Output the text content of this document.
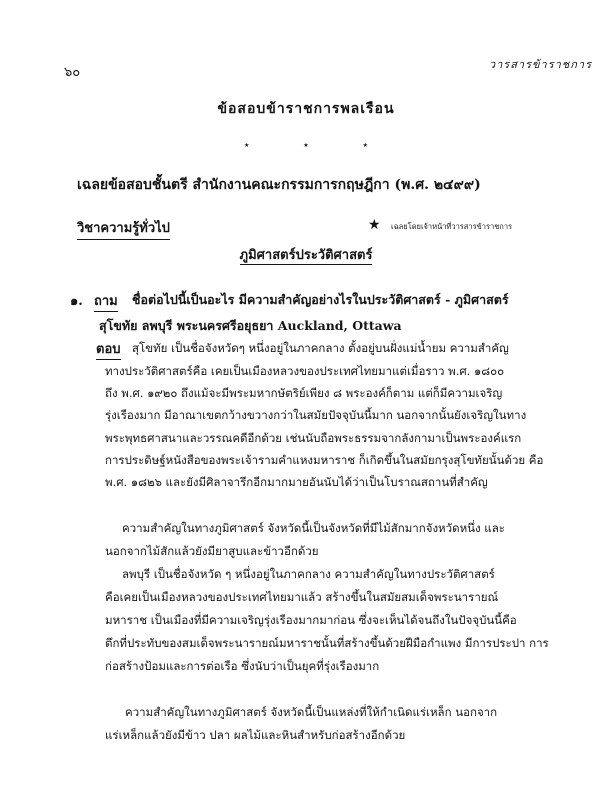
๖๐
วารสารข้าราชการ
ข้อสอบข้าราชการพลเรือน
★ ★ ★
เฉลยข้อสอบชั้นตรี สำนักงานคณะกรรมการกฤษฎีกา (พ.ศ. ๒๔๙๙)
วิชาความรู้ทั่วไป	★ เฉลยโดยเจ้าหน้าที่วารสารข้าราชการ
ภูมิศาสตร์ประวัติศาสตร์
๑. ถาม ชื่อต่อไปนี้เป็นอะไร มีความสำคัญอย่างไรในประวัติศาสตร์ - ภูมิศาสตร์
สุโขทัย ลพบุรี พระนครศรีอยุธยา Auckland, Ottawa
ตอบ สุโขทัย เป็นชื่อจังหวัดๆ หนึ่งอยู่ในภาคกลาง ตั้งอยู่บนฝั่งแม่น้ำยม ความสำคัญ
ทางประวัติศาสตร์คือ เคยเป็นเมืองหลวงของประเทศไทยมาแต่เมื่อราว พ.ศ. ๑๘๐๐
ถึง พ.ศ. ๑๙๒๐ ถึงแม้จะมีพระมหากษัตริย์เพียง ๘ พระองค์ก็ตาม แต่ก็มีความเจริญ
รุ่งเรืองมาก มีอาณาเขตกว้างขวางกว่าในสมัยปัจจุบันนี้มาก นอกจากนั้นยังเจริญในทาง
พระพุทธศาสนาและวรรณคดีอีกด้วย เช่นนับถือพระธรรมจากลังกามาเป็นพระองค์แรก
การประดิษฐ์หนังสือของพระเจ้ารามคำแหงมหาราช ก็เกิดขึ้นในสมัยกรุงสุโขทัยนั้นด้วย คือ
พ.ศ. ๑๘๒๖ และยังมีศิลาจารึกอีกมากมายอันนับได้ว่าเป็นโบราณสถานที่สำคัญ
ความสำคัญในทางภูมิศาสตร์ จังหวัดนี้เป็นจังหวัดที่มีไม้สักมากจังหวัดหนึ่ง และ
นอกจากไม้สักแล้วยังมียาสูบและข้าวอีกด้วย
ลพบุรี เป็นชื่อจังหวัด ๆ หนึ่งอยู่ในภาคกลาง ความสำคัญในทางประวัติศาสตร์
คือเคยเป็นเมืองหลวงของประเทศไทยมาแล้ว สร้างขึ้นในสมัยสมเด็จพระนารายณ์
มหาราช เป็นเมืองที่มีความเจริญรุ่งเรืองมากมาก่อน ซึ่งจะเห็นได้จนถึงในปัจจุบันนี้คือ
ตึกที่ประทับของสมเด็จพระนารายณ์มหาราชนั้นที่สร้างขึ้นด้วยฝีมือกำแพง มีการประปา การ
ก่อสร้างป้อมและการต่อเรือ ซึ่งนับว่าเป็นยุคที่รุ่งเรืองมาก
ความสำคัญในทางภูมิศาสตร์ จังหวัดนี้เป็นแหล่งที่ให้กำเนิดแร่เหล็ก นอกจาก
แร่เหล็กแล้วยังมีข้าว ปลา ผลไม้และหินสำหรับก่อสร้างอีกด้วย
